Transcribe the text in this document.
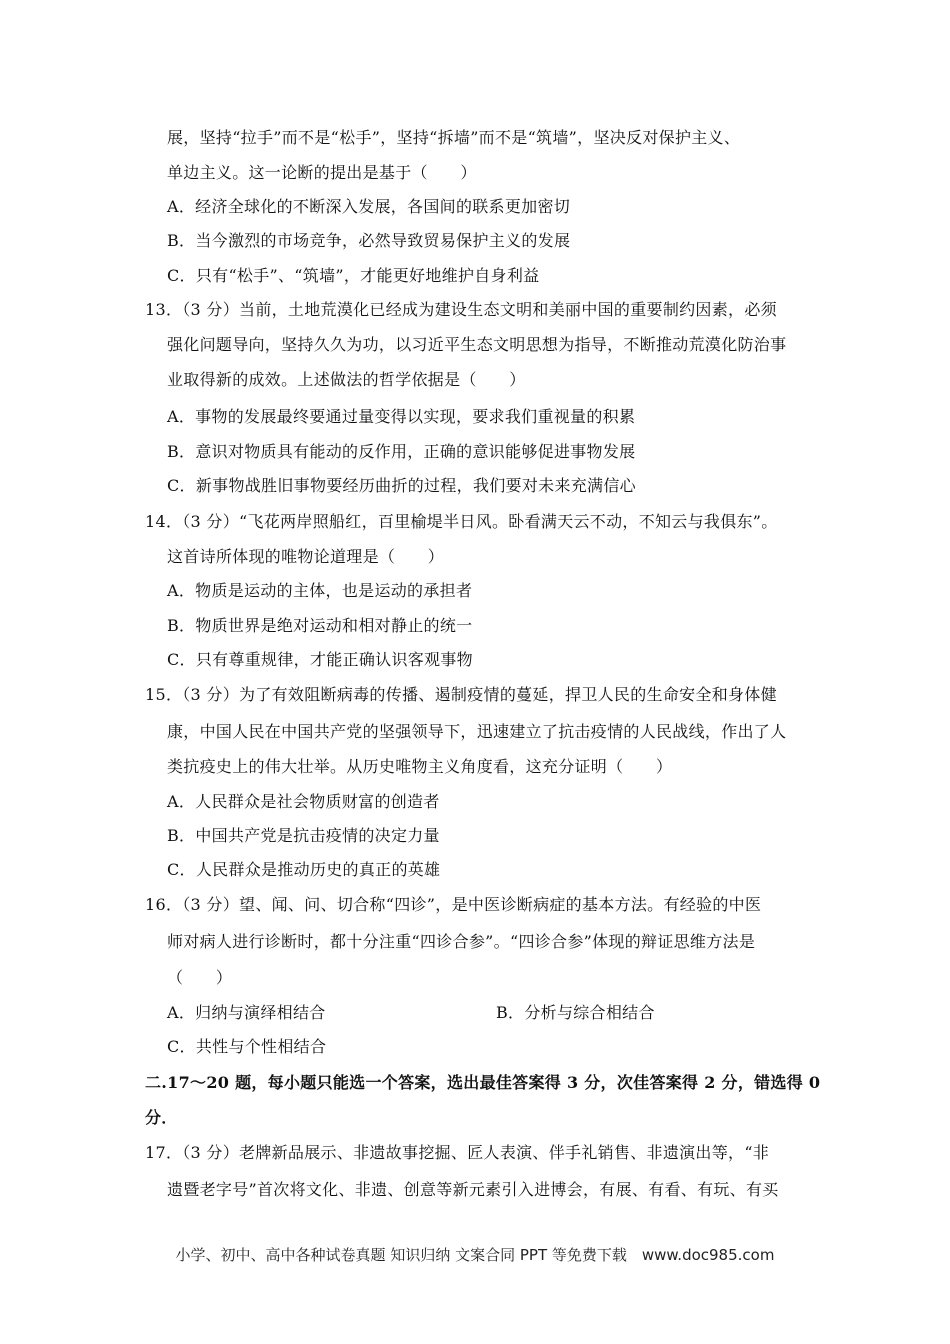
展，坚持“拉手”而不是“松手”，坚持“拆墙”而不是“筑墙”，坚决反对保护主义、
单边主义。这一论断的提出是基于（　　）
A．经济全球化的不断深入发展，各国间的联系更加密切
B．当今激烈的市场竞争，必然导致贸易保护主义的发展
C．只有“松手”、“筑墙”，才能更好地维护自身利益
13．（3 分）当前，土地荒漠化已经成为建设生态文明和美丽中国的重要制约因素，必须
强化问题导向，坚持久久为功，以习近平生态文明思想为指导，不断推动荒漠化防治事
业取得新的成效。上述做法的哲学依据是（　　）
A．事物的发展最终要通过量变得以实现，要求我们重视量的积累
B．意识对物质具有能动的反作用，正确的意识能够促进事物发展
C．新事物战胜旧事物要经历曲折的过程，我们要对未来充满信心
14．（3 分）“飞花两岸照船红，百里榆堤半日风。卧看满天云不动，不知云与我俱东”。
这首诗所体现的唯物论道理是（　　）
A．物质是运动的主体，也是运动的承担者
B．物质世界是绝对运动和相对静止的统一
C．只有尊重规律，才能正确认识客观事物
15．（3 分）为了有效阻断病毒的传播、遏制疫情的蔓延，捍卫人民的生命安全和身体健
康，中国人民在中国共产党的坚强领导下，迅速建立了抗击疫情的人民战线，作出了人
类抗疫史上的伟大壮举。从历史唯物主义角度看，这充分证明（　　）
A．人民群众是社会物质财富的创造者
B．中国共产党是抗击疫情的决定力量
C．人民群众是推动历史的真正的英雄
16．（3 分）望、闻、问、切合称“四诊”，是中医诊断病症的基本方法。有经验的中医
师对病人进行诊断时，都十分注重“四诊合参”。“四诊合参”体现的辩证思维方法是
（　　）
A．归纳与演绎相结合	B．分析与综合相结合
C．共性与个性相结合
二.17～20 题，每小题只能选一个答案，选出最佳答案得 3 分，次佳答案得 2 分，错选得 0
分．
17．（3 分）老牌新品展示、非遗故事挖掘、匠人表演、伴手礼销售、非遗演出等，“非
遗暨老字号”首次将文化、非遗、创意等新元素引入进博会，有展、有看、有玩、有买
小学、初中、高中各种试卷真题 知识归纳 文案合同 PPT 等免费下载　www.doc985.com
